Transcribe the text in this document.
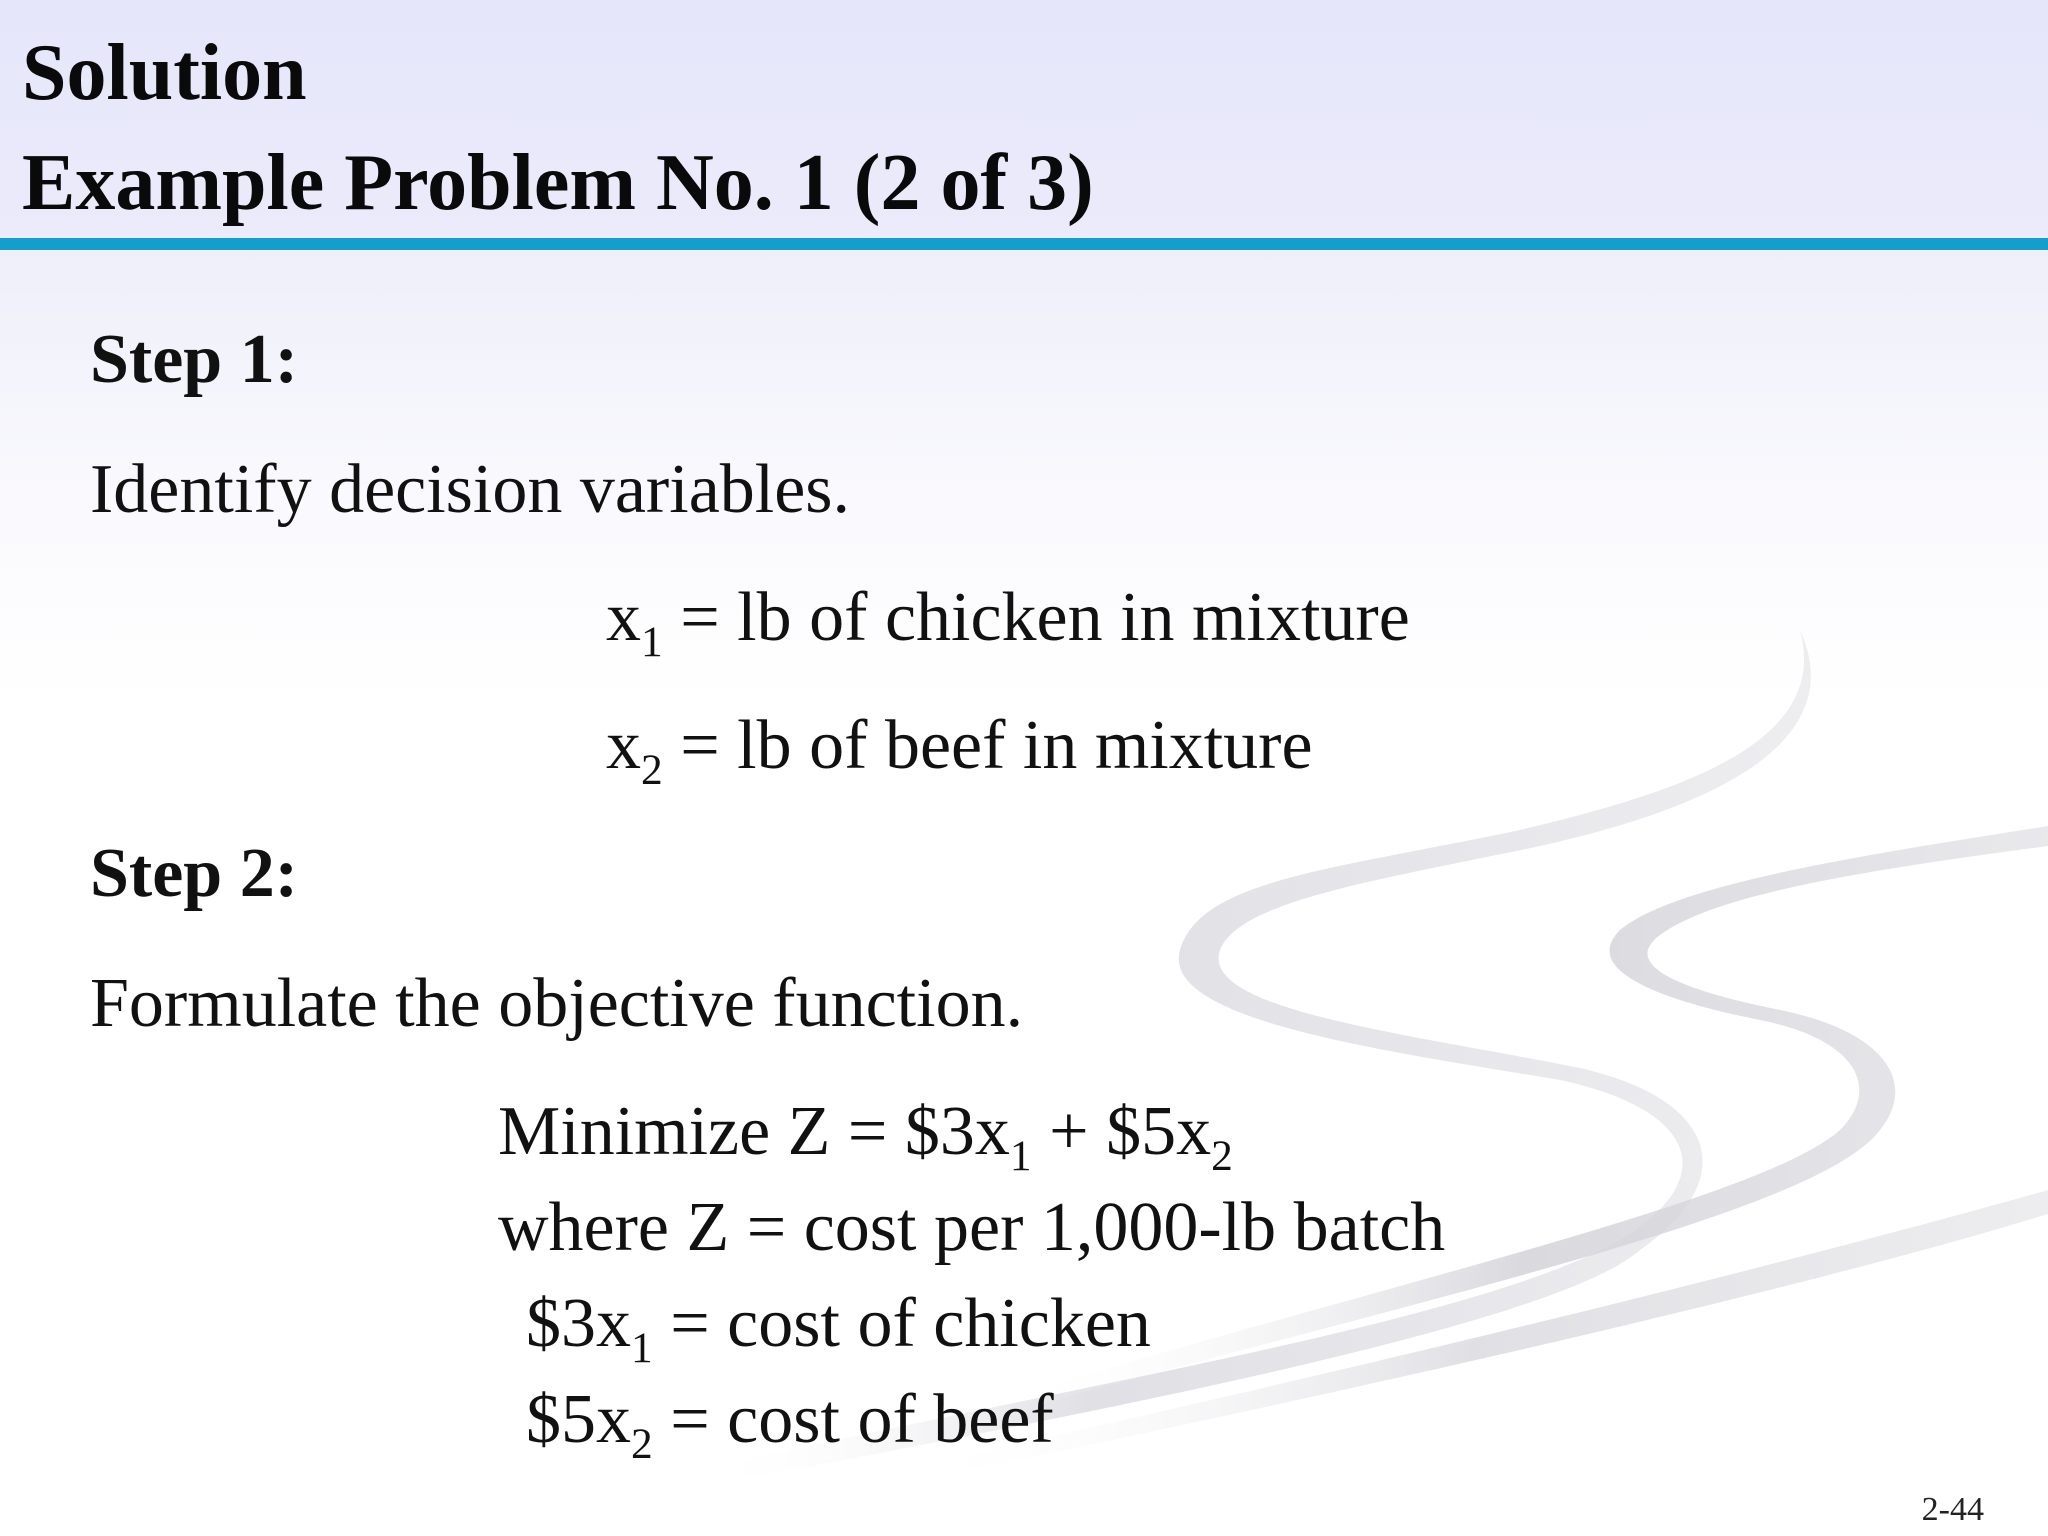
Solution
Example Problem No. 1 (2 of 3)
Step 1:
Identify decision variables.
$x_1$ = lb of chicken in mixture
$x_2$ = lb of beef in mixture
Step 2:
Formulate the objective function.
Minimize $Z = \$3x_1$ + $\$5x_2$
where Z = cost per 1,000-lb batch
$\$3x_1 = \cos t$ of chicken
$\$5x_2 = \cos t$ of beef
2-44
